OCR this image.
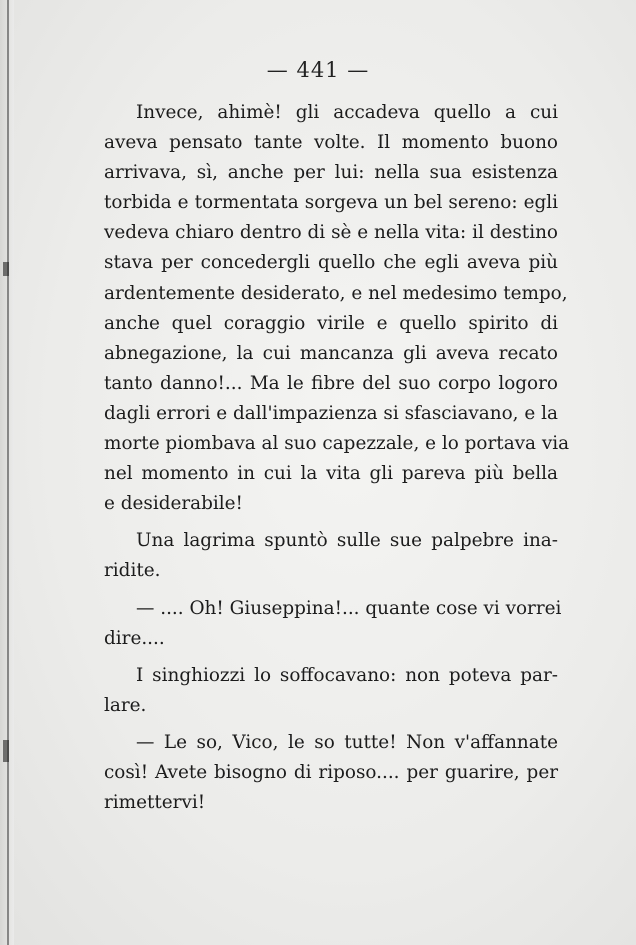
— 441 —

Invece, ahimè! gli accadeva quello a cui
aveva pensato tante volte. Il momento buono
arrivava, sì, anche per lui: nella sua esistenza
torbida e tormentata sorgeva un bel sereno: egli
vedeva chiaro dentro di sè e nella vita: il destino
stava per concedergli quello che egli aveva più
ardentemente desiderato, e nel medesimo tempo,
anche quel coraggio virile e quello spirito di
abnegazione, la cui mancanza gli aveva recato
tanto danno!... Ma le fibre del suo corpo logoro
dagli errori e dall'impazienza si sfasciavano, e la
morte piombava al suo capezzale, e lo portava via
nel momento in cui la vita gli pareva più bella
e desiderabile!

Una lagrima spuntò sulle sue palpebre ina-
ridite.

— .... Oh! Giuseppina!... quante cose vi vorrei
dire....

I singhiozzi lo soffocavano: non poteva par-
lare.

— Le so, Vico, le so tutte! Non v'affannate
così! Avete bisogno di riposo.... per guarire, per
rimettervi!
